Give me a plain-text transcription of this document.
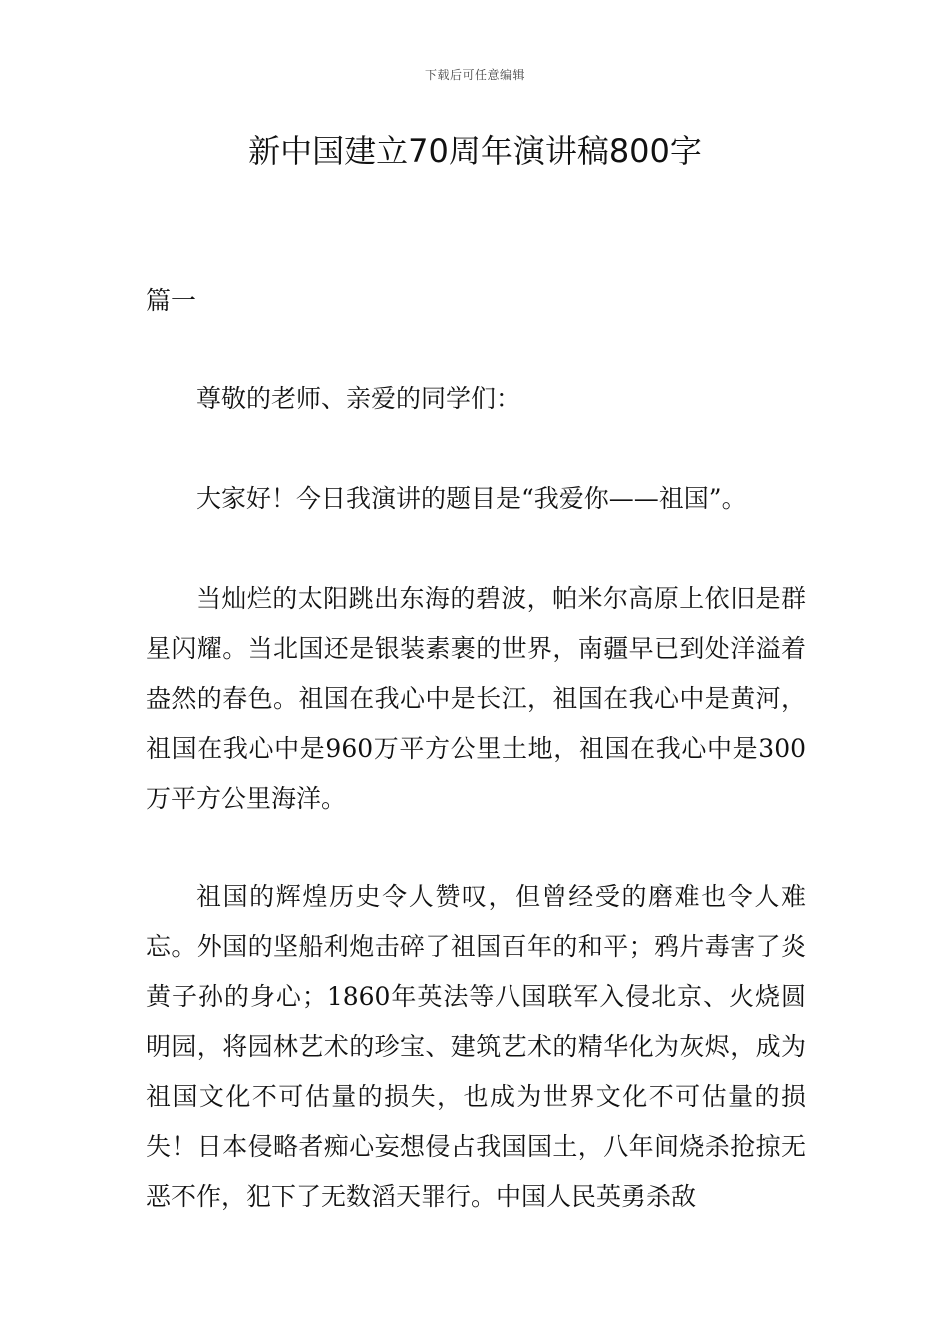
下载后可任意编辑
新中国建立70周年演讲稿800字

篇一

尊敬的老师、亲爱的同学们：

大家好！今日我演讲的题目是“我爱你——祖国”。

当灿烂的太阳跳出东海的碧波，帕米尔高原上依旧是群星闪耀。当北国还是银装素裹的世界，南疆早已到处洋溢着盎然的春色。祖国在我心中是长江，祖国在我心中是黄河，祖国在我心中是960万平方公里土地，祖国在我心中是300万平方公里海洋。

祖国的辉煌历史令人赞叹，但曾经受的磨难也令人难忘。外国的坚船利炮击碎了祖国百年的和平；鸦片毒害了炎黄子孙的身心；1860年英法等八国联军入侵北京、火烧圆明园，将园林艺术的珍宝、建筑艺术的精华化为灰烬，成为祖国文化不可估量的损失，也成为世界文化不可估量的损失！日本侵略者痴心妄想侵占我国国土，八年间烧杀抢掠无恶不作，犯下了无数滔天罪行。中国人民英勇杀敌
